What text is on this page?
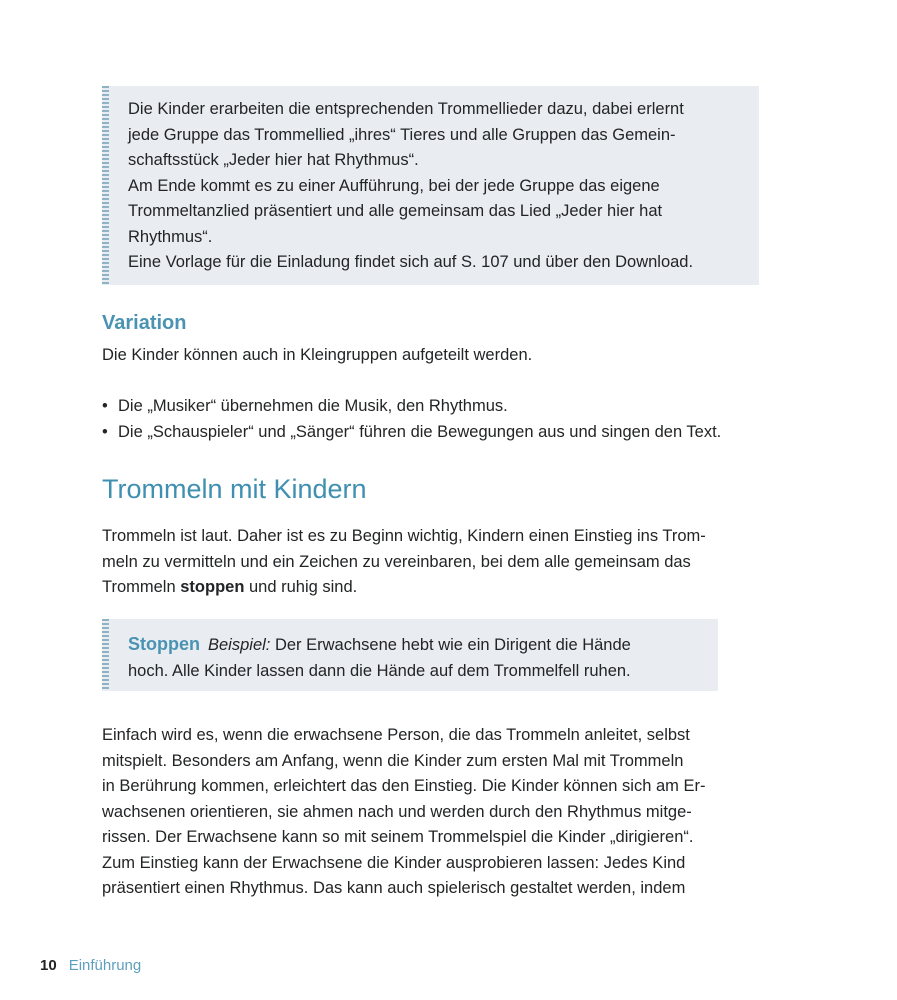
Die Kinder erarbeiten die entsprechenden Trommellieder dazu, dabei erlernt

jede Gruppe das Trommellied „ihres“ Tieres und alle Gruppen das Gemein-

schaftsstück „Jeder hier hat Rhythmus“.

Am Ende kommt es zu einer Aufführung, bei der jede Gruppe das eigene

Trommeltanzlied präsentiert und alle gemeinsam das Lied „Jeder hier hat

Rhythmus“.

Eine Vorlage für die Einladung findet sich auf S. 107 und über den Download.

Variation

Die Kinder können auch in Kleingruppen aufgeteilt werden.

• Die „Musiker“ übernehmen die Musik, den Rhythmus.
• Die „Schauspieler“ und „Sänger“ führen die Bewegungen aus und singen den Text.
Trommeln mit Kindern
Trommeln ist laut. Daher ist es zu Beginn wichtig, Kindern einen Einstieg ins Trom-
meln zu vermitteln und ein Zeichen zu vereinbaren, bei dem alle gemeinsam das
Trommeln stoppen und ruhig sind.

Stoppen Beispiel: Der Erwachsene hebt wie ein Dirigent die Hände

hoch. Alle Kinder lassen dann die Hände auf dem Trommelfell ruhen.

Einfach wird es, wenn die erwachsene Person, die das Trommeln anleitet, selbst
mitspielt. Besonders am Anfang, wenn die Kinder zum ersten Mal mit Trommeln
in Berührung kommen, erleichtert das den Einstieg. Die Kinder können sich am Er-
wachsenen orientieren, sie ahmen nach und werden durch den Rhythmus mitge-
rissen. Der Erwachsene kann so mit seinem Trommelspiel die Kinder „dirigieren“.
Zum Einstieg kann der Erwachsene die Kinder ausprobieren lassen: Jedes Kind
präsentiert einen Rhythmus. Das kann auch spielerisch gestaltet werden, indem
10 Einführung
